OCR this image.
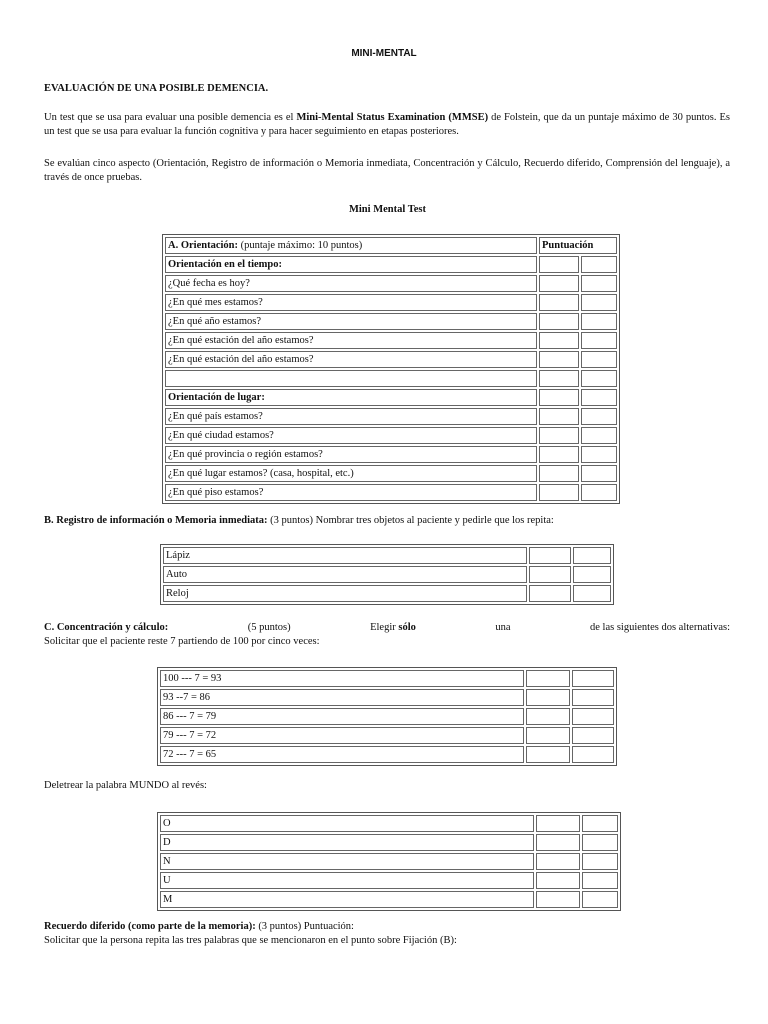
MINI-MENTAL
EVALUACIÓN DE UNA POSIBLE DEMENCIA.

Un test que se usa para evaluar una posible demencia es el Mini-Mental Status Examination (MMSE) de Folstein, que da un puntaje máximo de 30 puntos. Es un test que se usa para evaluar la función cognitiva y para hacer seguimiento en etapas posteriores.

Se evalúan cinco aspecto (Orientación, Registro de información o Memoria inmediata, Concentración y Cálculo, Recuerdo diferido, Comprensión del lenguaje), a través de once pruebas.

Mini Mental Test
A. Orientación: (puntaje máximo: 10 puntos)	Puntuación	
Orientación en el tiempo:		
¿Qué fecha es hoy?		
¿En qué mes estamos?		
¿En qué año estamos?		
¿En qué estación del año estamos?		
¿En qué estación del año estamos?		

Orientación de lugar:		
¿En qué país estamos?		
¿En qué ciudad estamos?		
¿En qué provincia o región estamos?		
¿En qué lugar estamos? (casa, hospital, etc.)		
¿En qué piso estamos?		

B. Registro de información o Memoria inmediata: (3 puntos) Nombrar tres objetos al paciente y pedirle que los repita:

Lápiz		
Auto		
Reloj		
C. Concentración y cálculo:	(5 puntos)	Elegir sólo	una	de las siguientes dos alternativas:
Solicitar que el paciente reste 7 partiendo de 100 por cinco veces:
100 --- 7 = 93		
93 --7 = 86		
86 --- 7 = 79		
79 --- 7 = 72		
72 --- 7 = 65		
Deletrear la palabra MUNDO al revés:
O		
D		
N		
U		
M		
Recuerdo diferido (como parte de la memoria): (3 puntos) Puntuación:
Solicitar que la persona repita las tres palabras que se mencionaron en el punto sobre Fijación (B):
